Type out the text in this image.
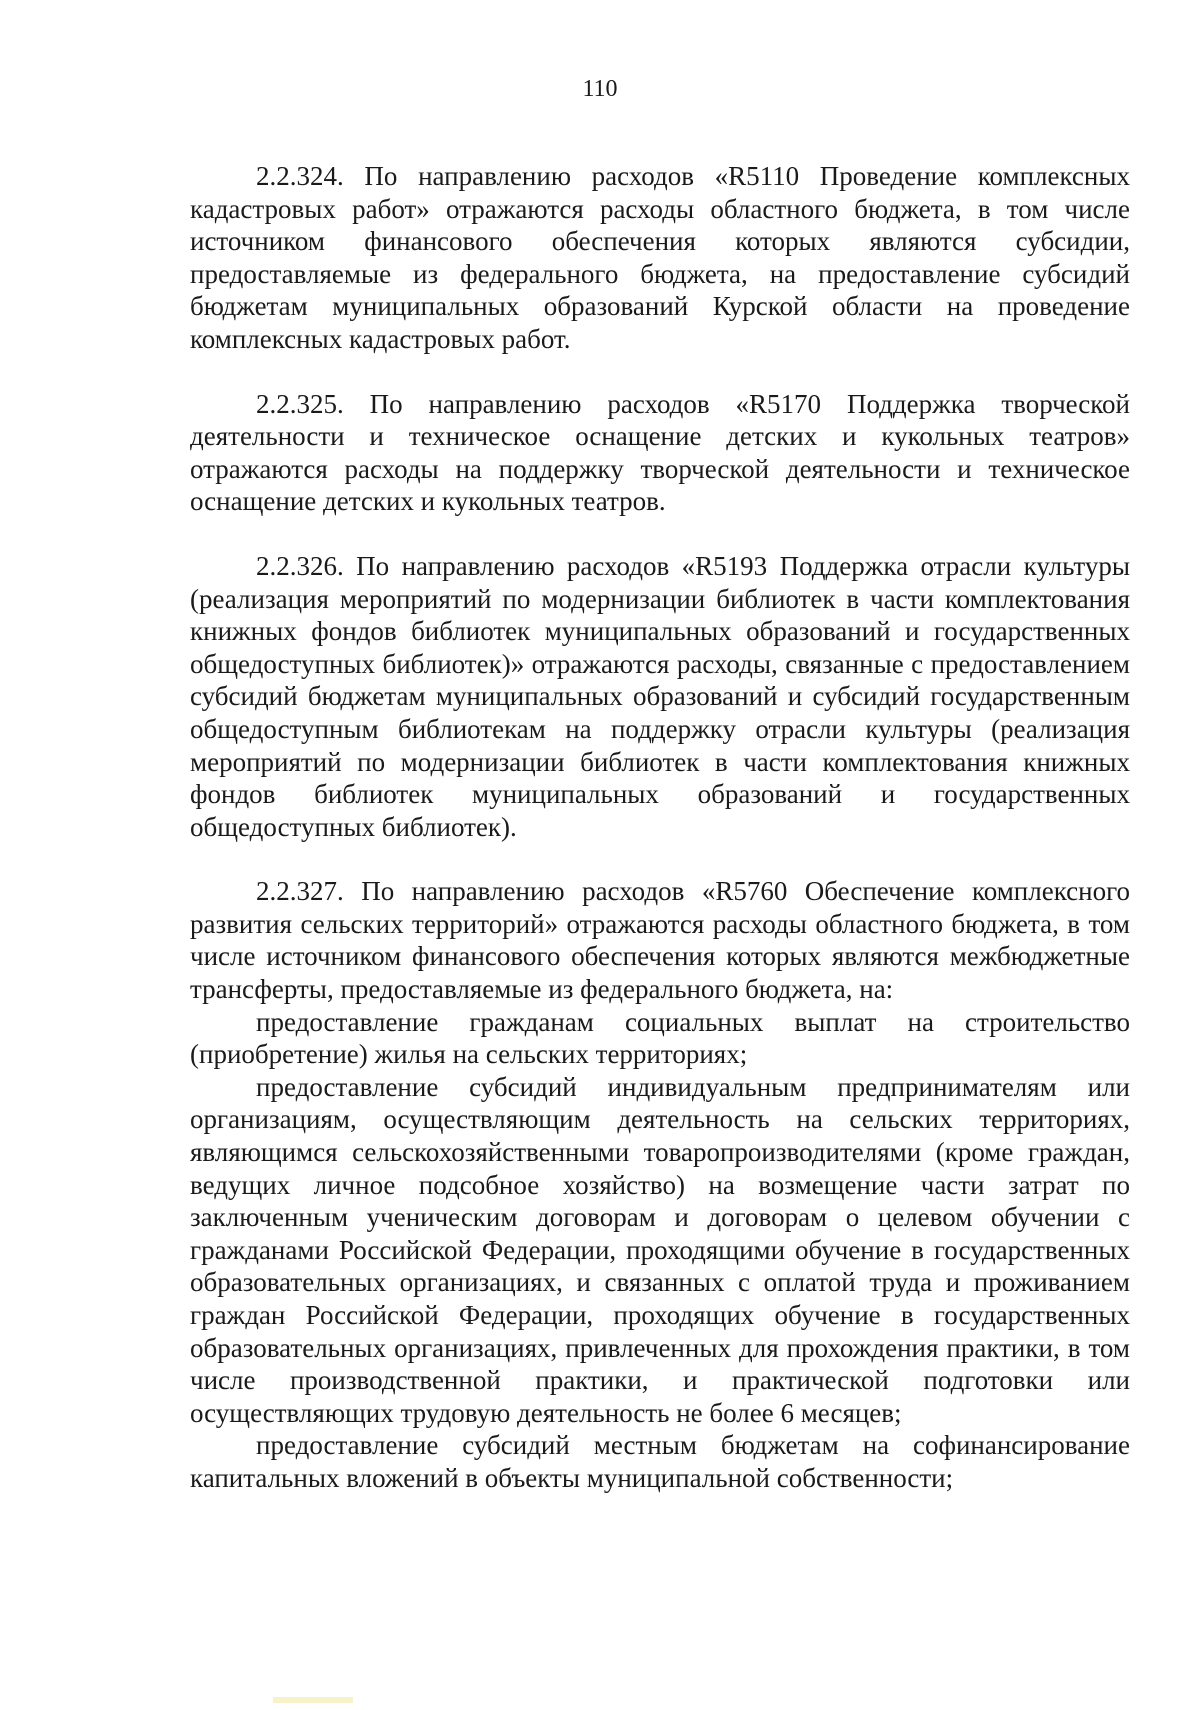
110

2.2.324. По направлению расходов «R5110 Проведение комплексных кадастровых работ» отражаются расходы областного бюджета, в том числе источником финансового обеспечения которых являются субсидии, предоставляемые из федерального бюджета, на предоставление субсидий бюджетам муниципальных образований Курской области на проведение комплексных кадастровых работ.

2.2.325. По направлению расходов «R5170 Поддержка творческой деятельности и техническое оснащение детских и кукольных театров» отражаются расходы на поддержку творческой деятельности и техническое оснащение детских и кукольных театров.

2.2.326. По направлению расходов «R5193 Поддержка отрасли культуры (реализация мероприятий по модернизации библиотек в части комплектования книжных фондов библиотек муниципальных образований и государственных общедоступных библиотек)» отражаются расходы, связанные с предоставлением субсидий бюджетам муниципальных образований и субсидий государственным общедоступным библиотекам на поддержку отрасли культуры (реализация мероприятий по модернизации библиотек в части комплектования книжных фондов библиотек муниципальных образований и государственных общедоступных библиотек).

2.2.327. По направлению расходов «R5760 Обеспечение комплексного развития сельских территорий» отражаются расходы областного бюджета, в том числе источником финансового обеспечения которых являются межбюджетные трансферты, предоставляемые из федерального бюджета, на:

предоставление гражданам социальных выплат на строительство (приобретение) жилья на сельских территориях;

предоставление субсидий индивидуальным предпринимателям или организациям, осуществляющим деятельность на сельских территориях, являющимся сельскохозяйственными товаропроизводителями (кроме граждан, ведущих личное подсобное хозяйство) на возмещение части затрат по заключенным ученическим договорам и договорам о целевом обучении с гражданами Российской Федерации, проходящими обучение в государственных образовательных организациях, и связанных с оплатой труда и проживанием граждан Российской Федерации, проходящих обучение в государственных образовательных организациях, привлеченных для прохождения практики, в том числе производственной практики, и практической подготовки или осуществляющих трудовую деятельность не более 6 месяцев;

предоставление субсидий местным бюджетам на софинансирование капитальных вложений в объекты муниципальной собственности;
